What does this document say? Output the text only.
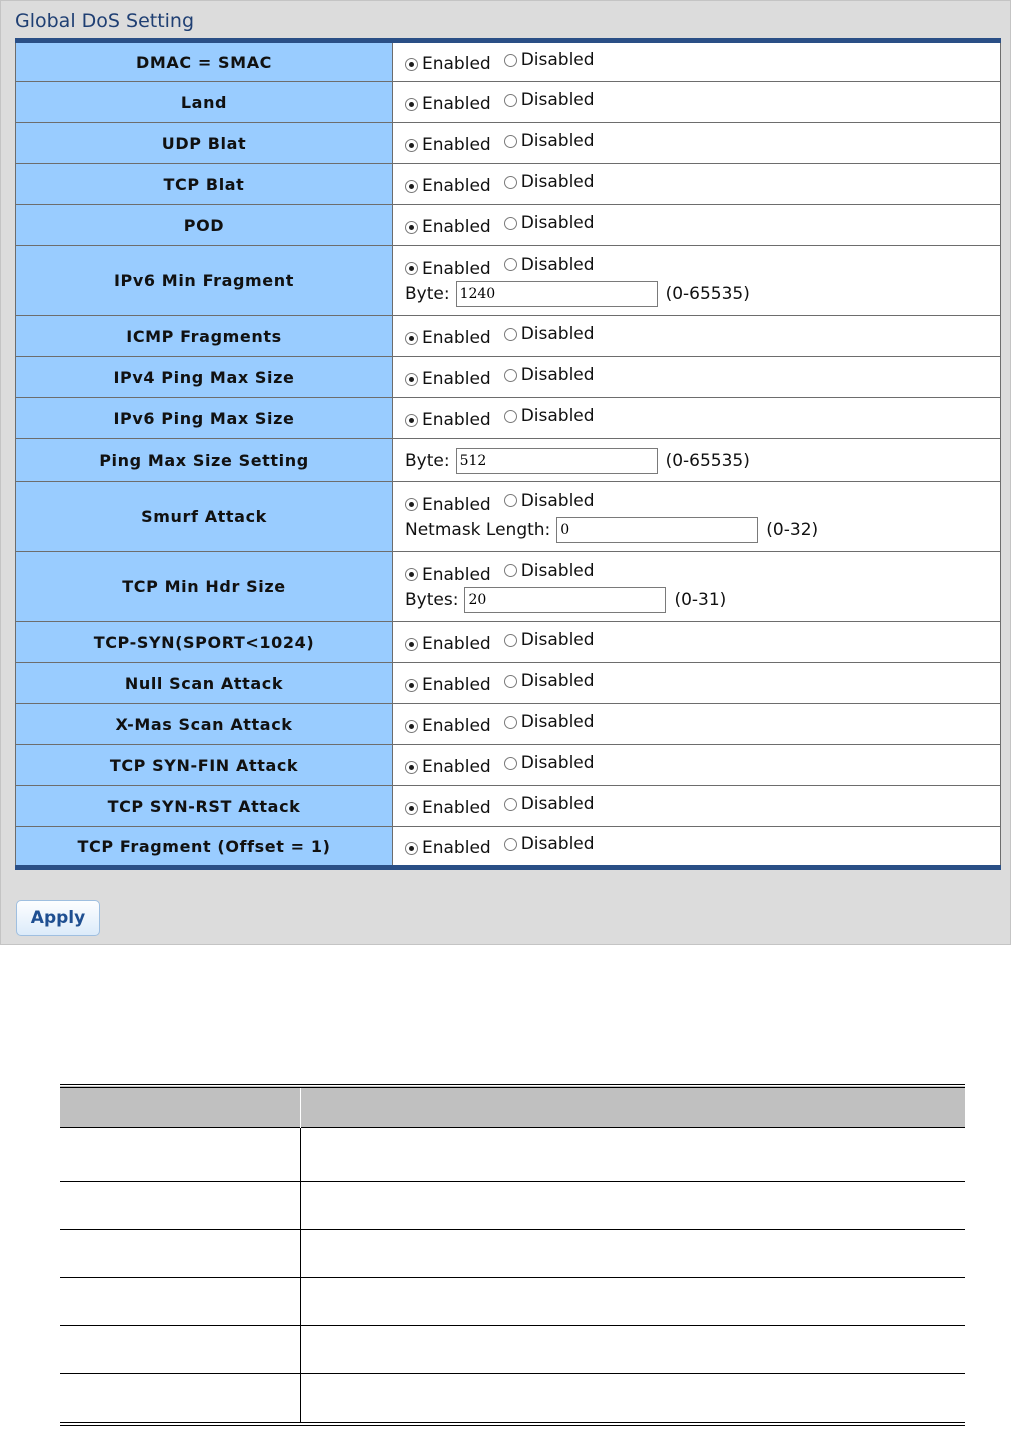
Global DoS Setting
DMAC = SMAC	Enabled Disabled

Land	Enabled Disabled

UDP Blat	Enabled Disabled

TCP Blat	Enabled Disabled

POD	Enabled Disabled

IPv6 Min Fragment	Enabled Disabled
Byte:
1240 (0-65535)

ICMP Fragments	Enabled Disabled

IPv4 Ping Max Size	Enabled Disabled

IPv6 Ping Max Size	Enabled Disabled

Ping Max Size Setting	Byte:
512 (0-65535)

Smurf Attack	Enabled Disabled
Netmask Length:
0 (0-32)

TCP Min Hdr Size	Enabled Disabled
Bytes:
20 (0-31)

TCP-SYN(SPORT<1024)	Enabled Disabled

Null Scan Attack	Enabled Disabled

X-Mas Scan Attack	Enabled Disabled

TCP SYN-FIN Attack	Enabled Disabled

TCP SYN-RST Attack	Enabled Disabled

TCP Fragment (Offset = 1)	Enabled Disabled
Apply
